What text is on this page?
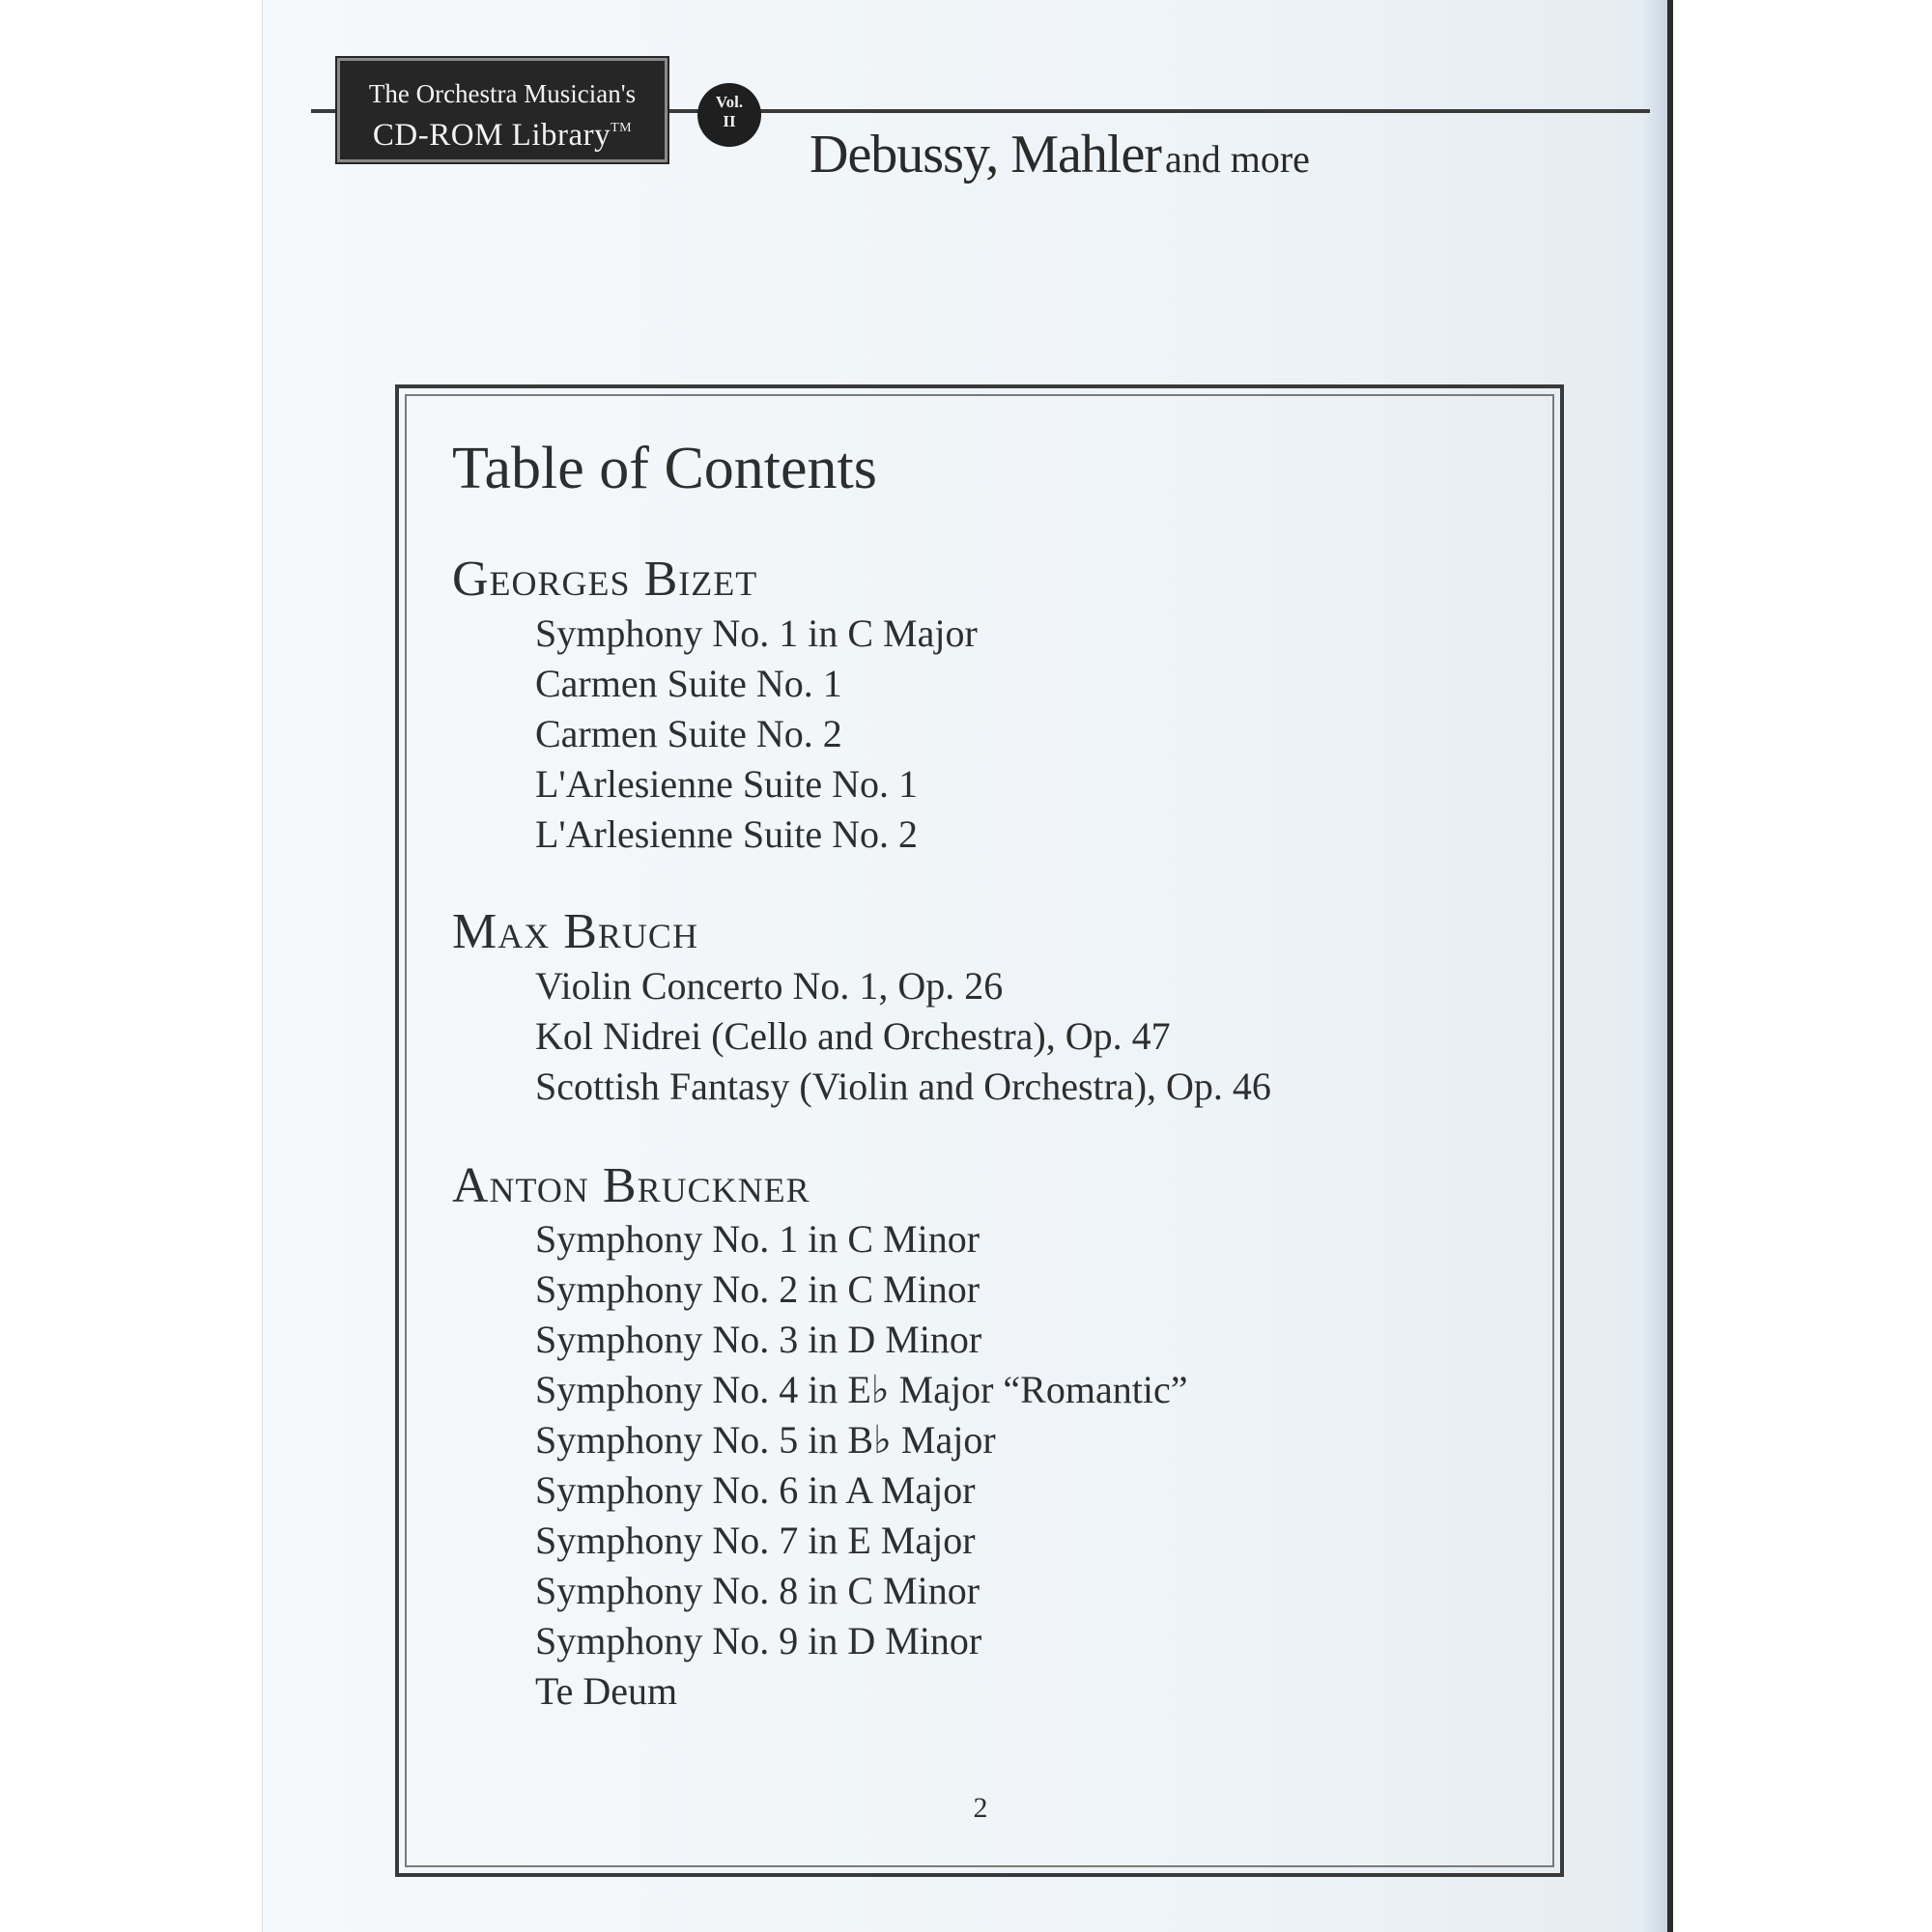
The Orchestra Musician's
CD-ROM Library™
Vol.
II
Debussy, Mahler and more
Table of Contents
Georges Bizet
Symphony No. 1 in C Major
Carmen Suite No. 1
Carmen Suite No. 2
L'Arlesienne Suite No. 1
L'Arlesienne Suite No. 2
Max Bruch
Violin Concerto No. 1, Op. 26
Kol Nidrei (Cello and Orchestra), Op. 47
Scottish Fantasy (Violin and Orchestra), Op. 46
Anton Bruckner
Symphony No. 1 in C Minor
Symphony No. 2 in C Minor
Symphony No. 3 in D Minor
Symphony No. 4 in E♭ Major “Romantic”
Symphony No. 5 in B♭ Major
Symphony No. 6 in A Major
Symphony No. 7 in E Major
Symphony No. 8 in C Minor
Symphony No. 9 in D Minor
Te Deum
2
